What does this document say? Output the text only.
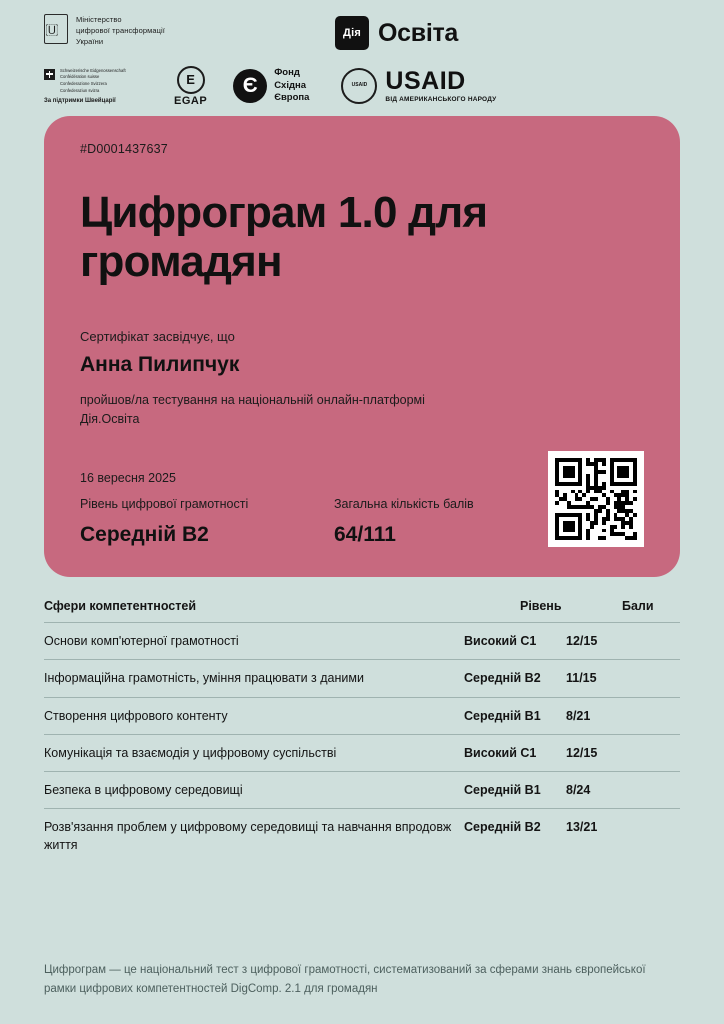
🇺 
Міністерство
цифрової трансформації
України
Дія Освіта
Schweizerische Eidgenossenschaft
Confédération suisse
Confederazione Svizzera
Confederaziun svizra
За підтримки Швейцарії
E
EGAP
Є
Фонд
Східна
Європа
USAID USAID
ВІД АМЕРИКАНСЬКОГО НАРОДУ
#D0001437637
Цифрограм 1.0 для громадян
Сертифікат засвідчує, що
Анна Пилипчук
пройшов/ла тестування на національній онлайн-платформі Дія.Освіта
16 вересня 2025
Рівень цифрової грамотності
Середній B2
Загальна кількість балів
64/111
Сфери компетентностей	Рівень	Бали
Основи комп'ютерної грамотності	Високий C1	12/15
Інформаційна грамотність, уміння працювати з даними	Середній B2	11/15
Створення цифрового контенту	Середній B1	8/21
Комунікація та взаємодія у цифровому суспільстві	Високий C1	12/15
Безпека в цифровому середовищі	Середній B1	8/24
Розв'язання проблем у цифровому середовищі та навчання впродовж життя
Середній B2	13/21
Цифрограм — це національний тест з цифрової грамотності, систематизований за сферами знань європейської рамки цифрових компетентностей DigComp. 2.1 для громадян
